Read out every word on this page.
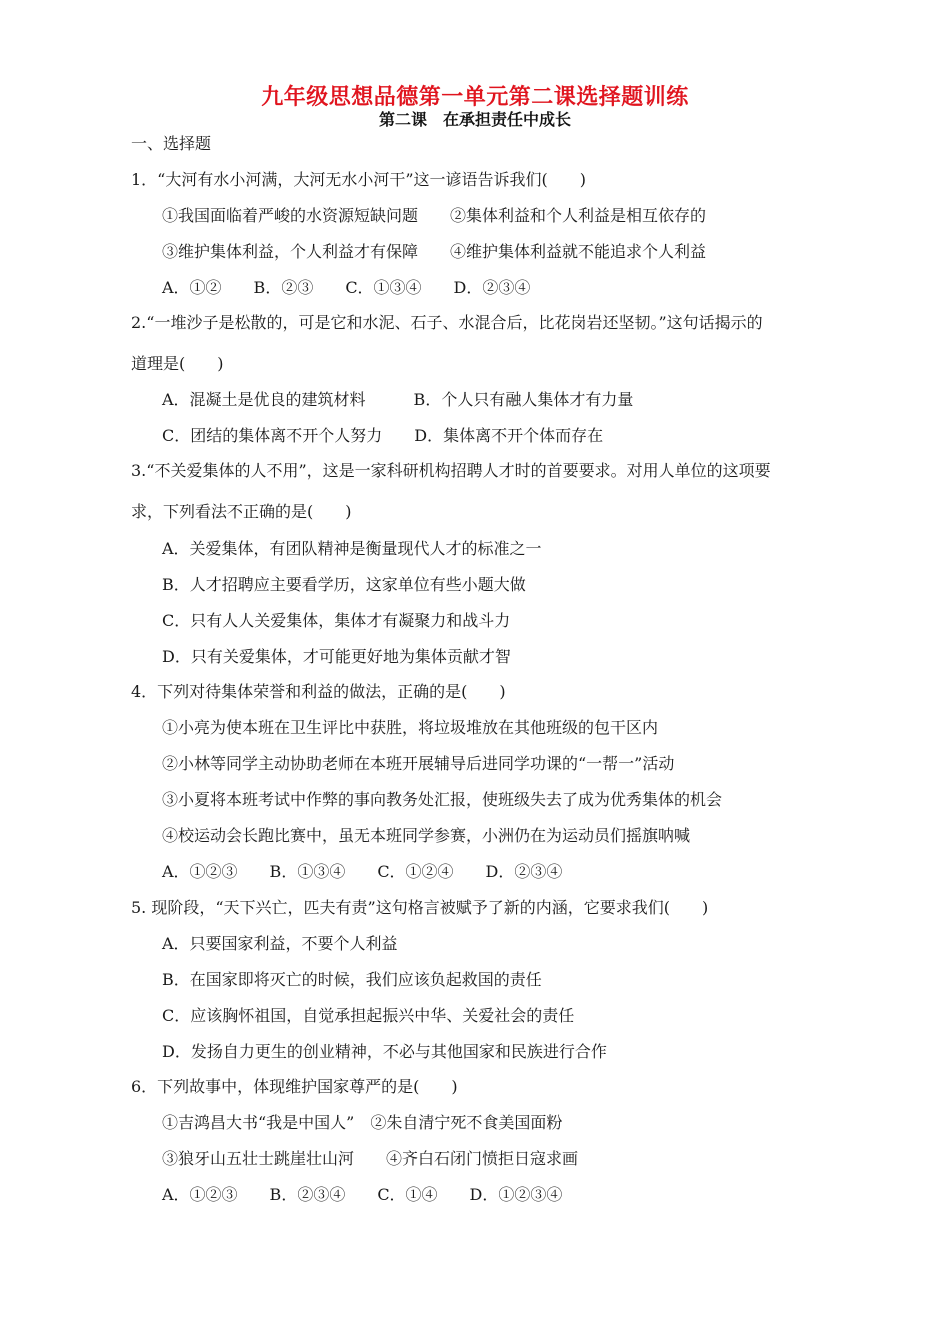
九年级思想品德第一单元第二课选择题训练
第二课　在承担责任中成长
一、选择题
1．“大河有水小河满，大河无水小河干”这一谚语告诉我们(　　)
①我国面临着严峻的水资源短缺问题　　②集体利益和个人利益是相互依存的
③维护集体利益，个人利益才有保障　　④维护集体利益就不能追求个人利益
A．①②　　B．②③　　C．①③④　　D．②③④
2.“一堆沙子是松散的，可是它和水泥、石子、水混合后，比花岗岩还坚韧。”这句话揭示的
道理是(　　)
A．混凝土是优良的建筑材料　　　B．个人只有融人集体才有力量
C．团结的集体离不开个人努力　　D．集体离不开个体而存在
3.“不关爱集体的人不用”，这是一家科研机构招聘人才时的首要要求。对用人单位的这项要
求，下列看法不正确的是(　　)
A．关爱集体，有团队精神是衡量现代人才的标准之一
B．人才招聘应主要看学历，这家单位有些小题大做
C．只有人人关爱集体，集体才有凝聚力和战斗力
D．只有关爱集体，才可能更好地为集体贡献才智
4．下列对待集体荣誉和利益的做法，正确的是(　　)
①小亮为使本班在卫生评比中获胜，将垃圾堆放在其他班级的包干区内
②小林等同学主动协助老师在本班开展辅导后进同学功课的“一帮一”活动
③小夏将本班考试中作弊的事向教务处汇报，使班级失去了成为优秀集体的机会
④校运动会长跑比赛中，虽无本班同学参赛，小洲仍在为运动员们摇旗呐喊
A．①②③　　B．①③④　　C．①②④　　D．②③④
5. 现阶段，“天下兴亡，匹夫有责”这句格言被赋予了新的内涵，它要求我们(　　)
A．只要国家利益，不要个人利益
B．在国家即将灭亡的时候，我们应该负起救国的责任
C．应该胸怀祖国，自觉承担起振兴中华、关爱社会的责任
D．发扬自力更生的创业精神，不必与其他国家和民族进行合作
6．下列故事中，体现维护国家尊严的是(　　)
①吉鸿昌大书“我是中国人”　②朱自清宁死不食美国面粉
③狼牙山五壮士跳崖壮山河　　④齐白石闭门愤拒日寇求画
A．①②③　　B．②③④　　C．①④　　D．①②③④
